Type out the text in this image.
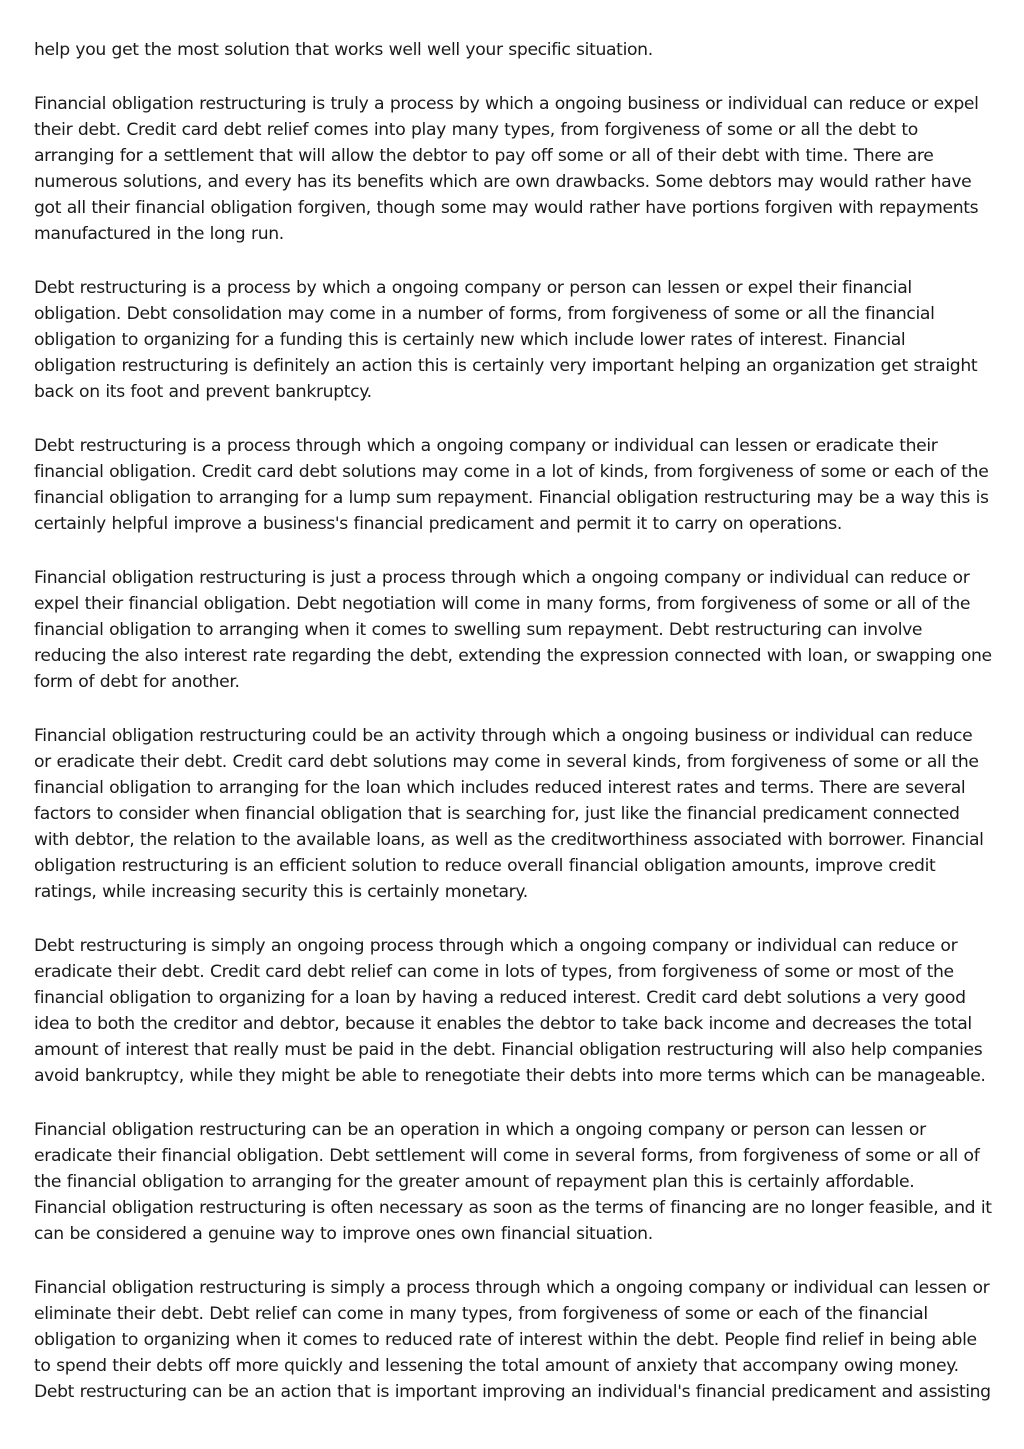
help you get the most solution that works well well your specific situation.

Financial obligation restructuring is truly a process by which a ongoing business or individual can reduce or expel their debt. Credit card debt relief comes into play many types, from forgiveness of some or all the debt to arranging for a settlement that will allow the debtor to pay off some or all of their debt with time. There are numerous solutions, and every has its benefits which are own drawbacks. Some debtors may would rather have got all their financial obligation forgiven, though some may would rather have portions forgiven with repayments manufactured in the long run.

Debt restructuring is a process by which a ongoing company or person can lessen or expel their financial obligation. Debt consolidation may come in a number of forms, from forgiveness of some or all the financial obligation to organizing for a funding this is certainly new which include lower rates of interest. Financial obligation restructuring is definitely an action this is certainly very important helping an organization get straight back on its foot and prevent bankruptcy.

Debt restructuring is a process through which a ongoing company or individual can lessen or eradicate their financial obligation. Credit card debt solutions may come in a lot of kinds, from forgiveness of some or each of the financial obligation to arranging for a lump sum repayment. Financial obligation restructuring may be a way this is certainly helpful improve a business's financial predicament and permit it to carry on operations.

Financial obligation restructuring is just a process through which a ongoing company or individual can reduce or expel their financial obligation. Debt negotiation will come in many forms, from forgiveness of some or all of the financial obligation to arranging when it comes to swelling sum repayment. Debt restructuring can involve reducing the also interest rate regarding the debt, extending the expression connected with loan, or swapping one form of debt for another.

Financial obligation restructuring could be an activity through which a ongoing business or individual can reduce or eradicate their debt. Credit card debt solutions may come in several kinds, from forgiveness of some or all the financial obligation to arranging for the loan which includes reduced interest rates and terms. There are several factors to consider when financial obligation that is searching for, just like the financial predicament connected with debtor, the relation to the available loans, as well as the creditworthiness associated with borrower. Financial obligation restructuring is an efficient solution to reduce overall financial obligation amounts, improve credit ratings, while increasing security this is certainly monetary.

Debt restructuring is simply an ongoing process through which a ongoing company or individual can reduce or eradicate their debt. Credit card debt relief can come in lots of types, from forgiveness of some or most of the financial obligation to organizing for a loan by having a reduced interest. Credit card debt solutions a very good idea to both the creditor and debtor, because it enables the debtor to take back income and decreases the total amount of interest that really must be paid in the debt. Financial obligation restructuring will also help companies avoid bankruptcy, while they might be able to renegotiate their debts into more terms which can be manageable.

Financial obligation restructuring can be an operation in which a ongoing company or person can lessen or eradicate their financial obligation. Debt settlement will come in several forms, from forgiveness of some or all of the financial obligation to arranging for the greater amount of repayment plan this is certainly affordable. Financial obligation restructuring is often necessary as soon as the terms of financing are no longer feasible, and it can be considered a genuine way to improve ones own financial situation.

Financial obligation restructuring is simply a process through which a ongoing company or individual can lessen or eliminate their debt. Debt relief can come in many types, from forgiveness of some or each of the financial obligation to organizing when it comes to reduced rate of interest within the debt. People find relief in being able to spend their debts off more quickly and lessening the total amount of anxiety that accompany owing money. Debt restructuring can be an action that is important improving an individual's financial predicament and assisting
